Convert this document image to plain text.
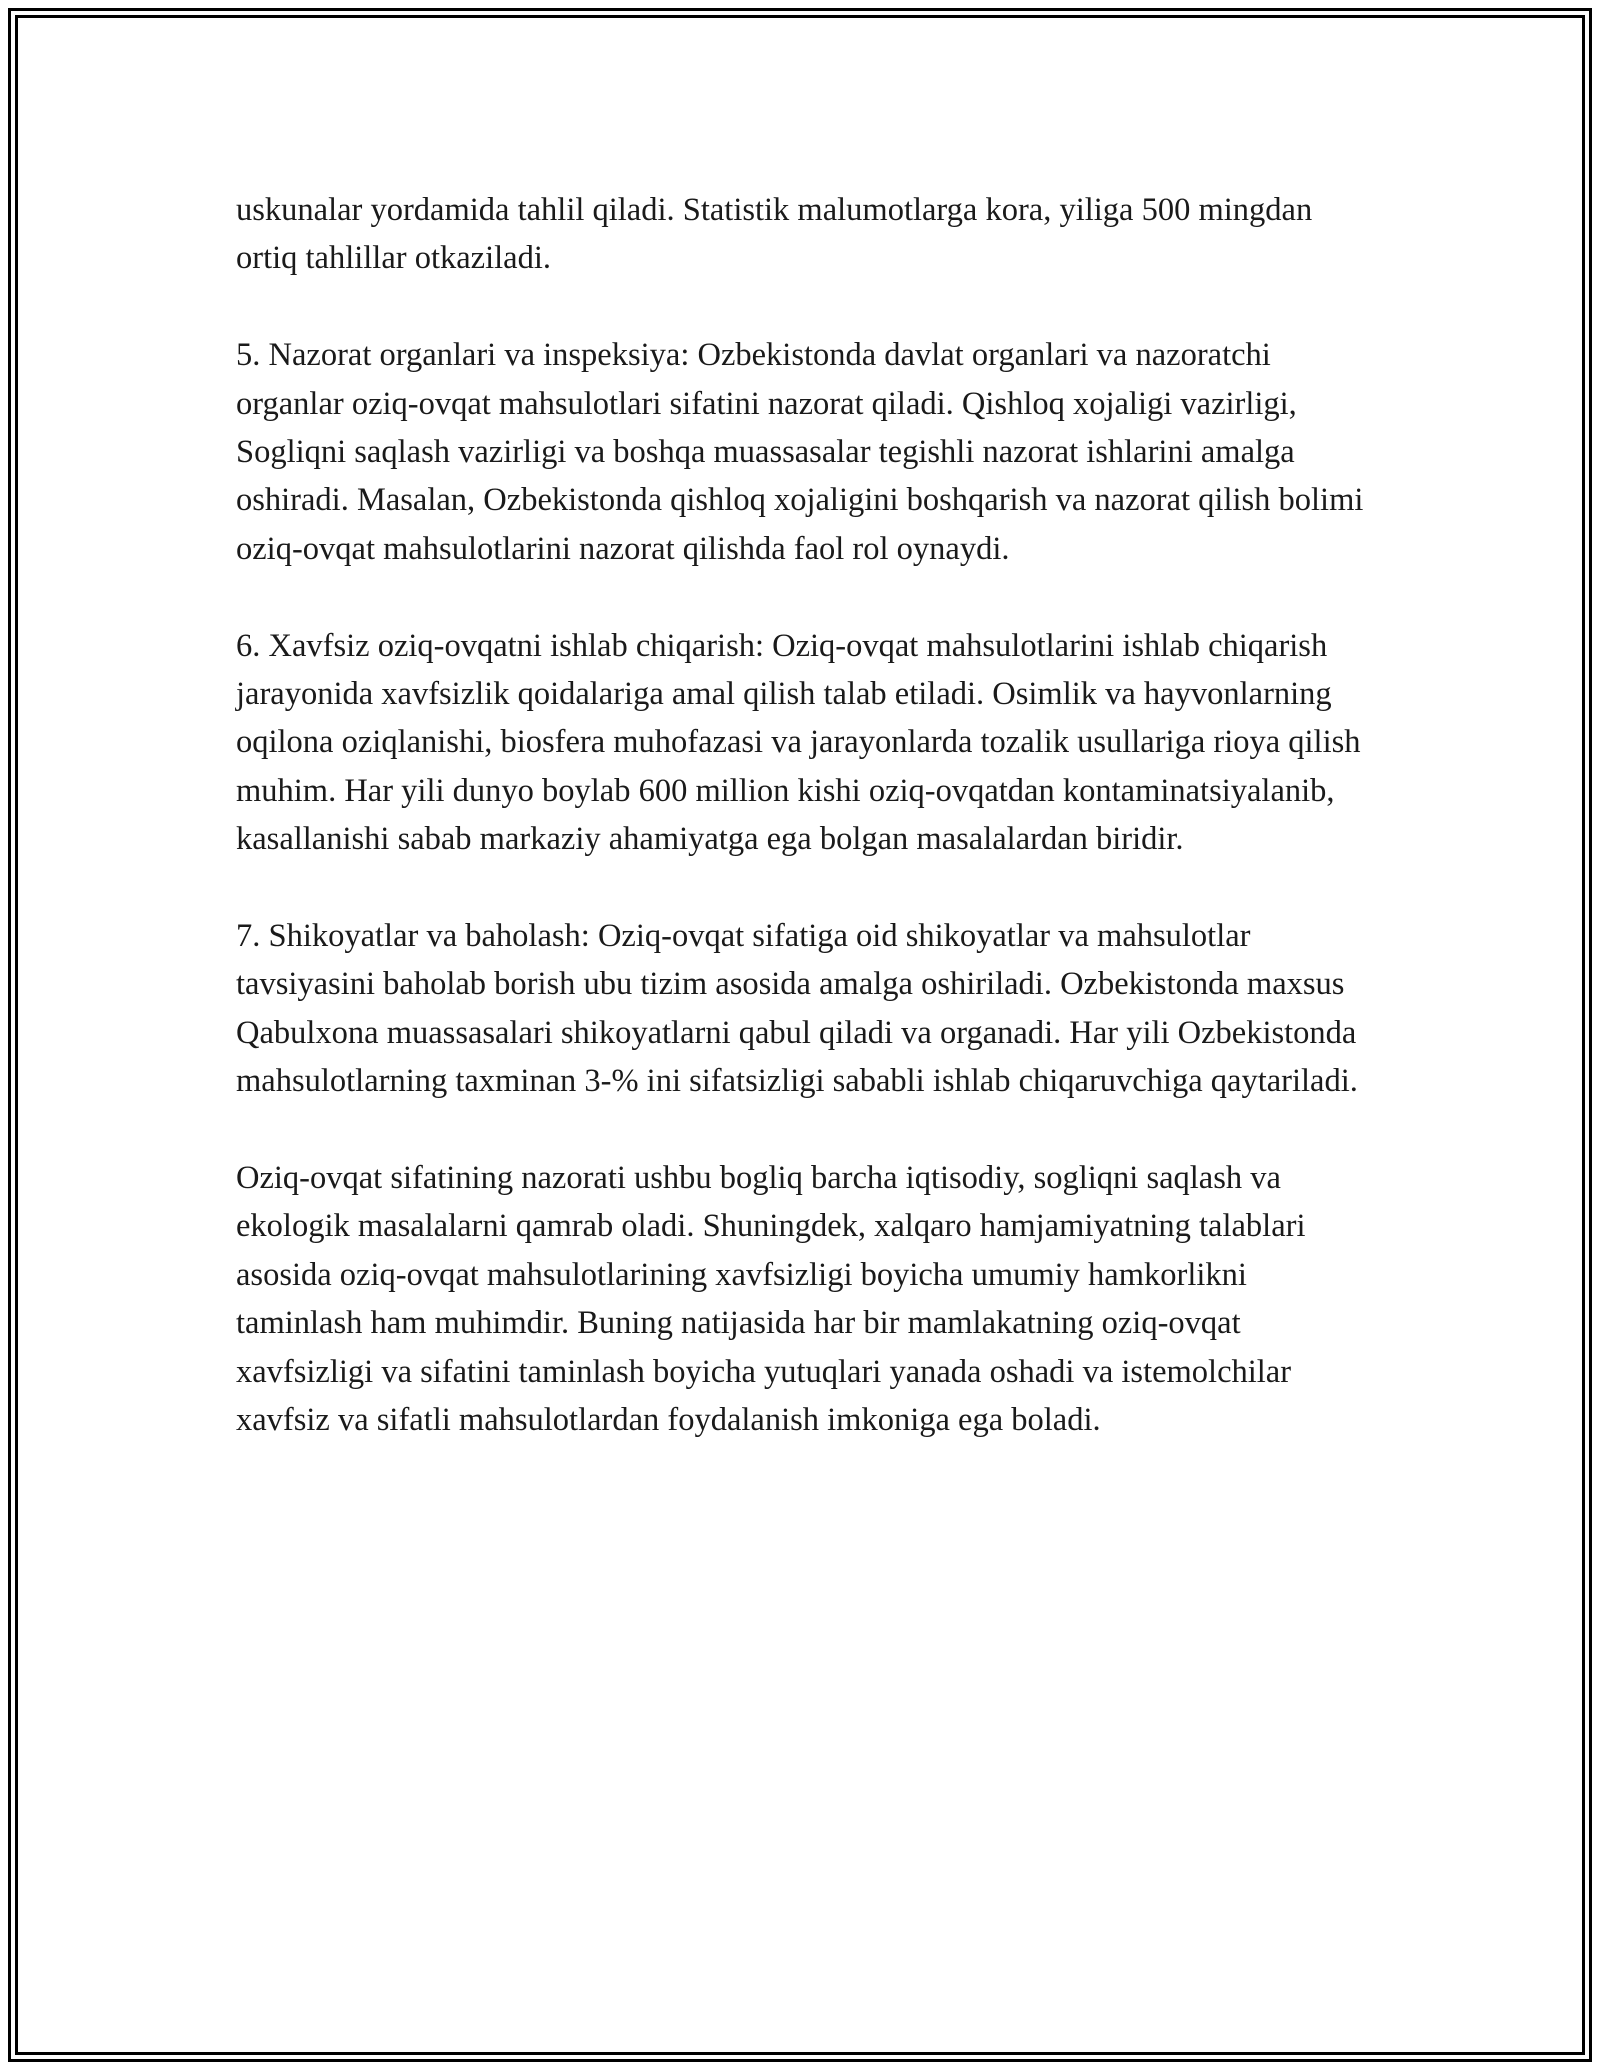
uskunalar yordamida tahlil qiladi. Statistik malumotlarga kora, yiliga 500 mingdan ortiq tahlillar otkaziladi.

5. Nazorat organlari va inspeksiya: Ozbekistonda davlat organlari va nazoratchi organlar oziq-ovqat mahsulotlari sifatini nazorat qiladi. Qishloq xojaligi vazirligi, Sogliqni saqlash vazirligi va boshqa muassasalar tegishli nazorat ishlarini amalga oshiradi. Masalan, Ozbekistonda qishloq xojaligini boshqarish va nazorat qilish bolimi oziq-ovqat mahsulotlarini nazorat qilishda faol rol oynaydi.

6. Xavfsiz oziq-ovqatni ishlab chiqarish: Oziq-ovqat mahsulotlarini ishlab chiqarish jarayonida xavfsizlik qoidalariga amal qilish talab etiladi. Osimlik va hayvonlarning oqilona oziqlanishi, biosfera muhofazasi va jarayonlarda tozalik usullariga rioya qilish muhim. Har yili dunyo boylab 600 million kishi oziq-ovqatdan kontaminatsiyalanib, kasallanishi sabab markaziy ahamiyatga ega bolgan masalalardan biridir.

7. Shikoyatlar va baholash: Oziq-ovqat sifatiga oid shikoyatlar va mahsulotlar tavsiyasini baholab borish ubu tizim asosida amalga oshiriladi. Ozbekistonda maxsus Qabulxona muassasalari shikoyatlarni qabul qiladi va organadi. Har yili Ozbekistonda mahsulotlarning taxminan 3-% ini sifatsizligi sababli ishlab chiqaruvchiga qaytariladi.

Oziq-ovqat sifatining nazorati ushbu bogliq barcha iqtisodiy, sogliqni saqlash va ekologik masalalarni qamrab oladi. Shuningdek, xalqaro hamjamiyatning talablari asosida oziq-ovqat mahsulotlarining xavfsizligi boyicha umumiy hamkorlikni taminlash ham muhimdir. Buning natijasida har bir mamlakatning oziq-ovqat xavfsizligi va sifatini taminlash boyicha yutuqlari yanada oshadi va istemolchilar xavfsiz va sifatli mahsulotlardan foydalanish imkoniga ega boladi.
